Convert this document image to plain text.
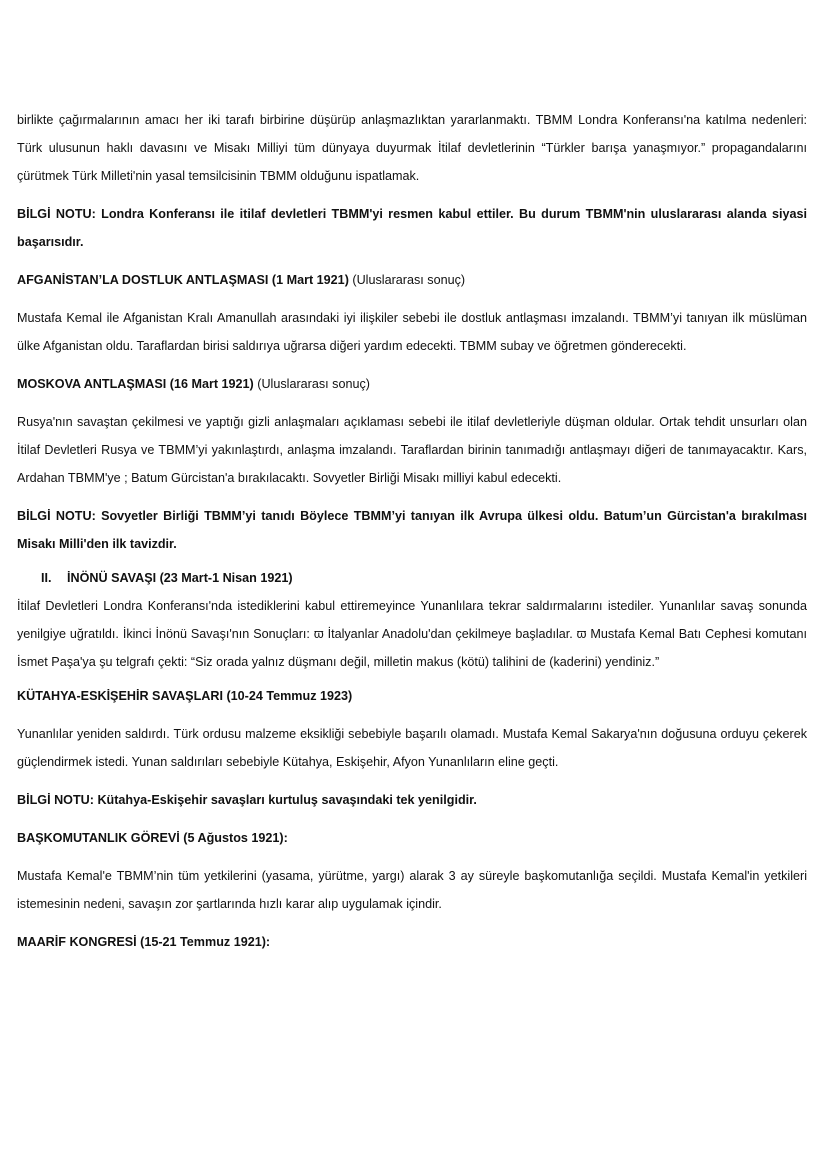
birlikte çağırmalarının amacı her iki tarafı birbirine düşürüp anlaşmazlıktan yararlanmaktı. TBMM Londra Konferansı'na katılma nedenleri: Türk ulusunun haklı davasını ve Misakı Milliyi tüm dünyaya duyurmak İtilaf devletlerinin “Türkler barışa yanaşmıyor.” propagandalarını çürütmek Türk Milleti'nin yasal temsilcisinin TBMM olduğunu ispatlamak.

BİLGİ NOTU: Londra Konferansı ile itilaf devletleri TBMM'yi resmen kabul ettiler. Bu durum TBMM'nin uluslararası alanda siyasi başarısıdır.

AFGANİSTAN’LA DOSTLUK ANTLAŞMASI (1 Mart 1921) (Uluslararası sonuç)

Mustafa Kemal ile Afganistan Kralı Amanullah arasındaki iyi ilişkiler sebebi ile dostluk antlaşması imzalandı. TBMM’yi tanıyan ilk müslüman ülke Afganistan oldu. Taraflardan birisi saldırıya uğrarsa diğeri yardım edecekti. TBMM subay ve öğretmen gönderecekti.

MOSKOVA ANTLAŞMASI (16 Mart 1921) (Uluslararası sonuç)

Rusya'nın savaştan çekilmesi ve yaptığı gizli anlaşmaları açıklaması sebebi ile itilaf devletleriyle düşman oldular. Ortak tehdit unsurları olan İtilaf Devletleri Rusya ve TBMM’yi yakınlaştırdı, anlaşma imzalandı. Taraflardan birinin tanımadığı antlaşmayı diğeri de tanımayacaktır. Kars, Ardahan TBMM'ye ; Batum Gürcistan'a bırakılacaktı. Sovyetler Birliği Misakı milliyi kabul edecekti.

BİLGİ NOTU: Sovyetler Birliği TBMM’yi tanıdı Böylece TBMM’yi tanıyan ilk Avrupa ülkesi oldu. Batum’un Gürcistan'a bırakılması Misakı Milli'den ilk tavizdir.

II. İNÖNÜ SAVAŞI (23 Mart-1 Nisan 1921)

İtilaf Devletleri Londra Konferansı'nda istediklerini kabul ettiremeyince Yunanlılara tekrar saldırmalarını istediler. Yunanlılar savaş sonunda yenilgiye uğratıldı. İkinci İnönü Savaşı'nın Sonuçları: ϖ İtalyanlar Anadolu'dan çekilmeye başladılar. ϖ Mustafa Kemal Batı Cephesi komutanı İsmet Paşa'ya şu telgrafı çekti: “Siz orada yalnız düşmanı değil, milletin makus (kötü) talihini de (kaderini) yendiniz.”

KÜTAHYA-ESKİŞEHİR SAVAŞLARI (10-24 Temmuz 1923)

Yunanlılar yeniden saldırdı. Türk ordusu malzeme eksikliği sebebiyle başarılı olamadı. Mustafa Kemal Sakarya'nın doğusuna orduyu çekerek güçlendirmek istedi. Yunan saldırıları sebebiyle Kütahya, Eskişehir, Afyon Yunanlıların eline geçti.

BİLGİ NOTU: Kütahya-Eskişehir savaşları kurtuluş savaşındaki tek yenilgidir.

BAŞKOMUTANLIK GÖREVİ (5 Ağustos 1921):

Mustafa Kemal'e TBMM’nin tüm yetkilerini (yasama, yürütme, yargı) alarak 3 ay süreyle başkomutanlığa seçildi. Mustafa Kemal'in yetkileri istemesinin nedeni, savaşın zor şartlarında hızlı karar alıp uygulamak içindir.

MAARİF KONGRESİ (15-21 Temmuz 1921):
